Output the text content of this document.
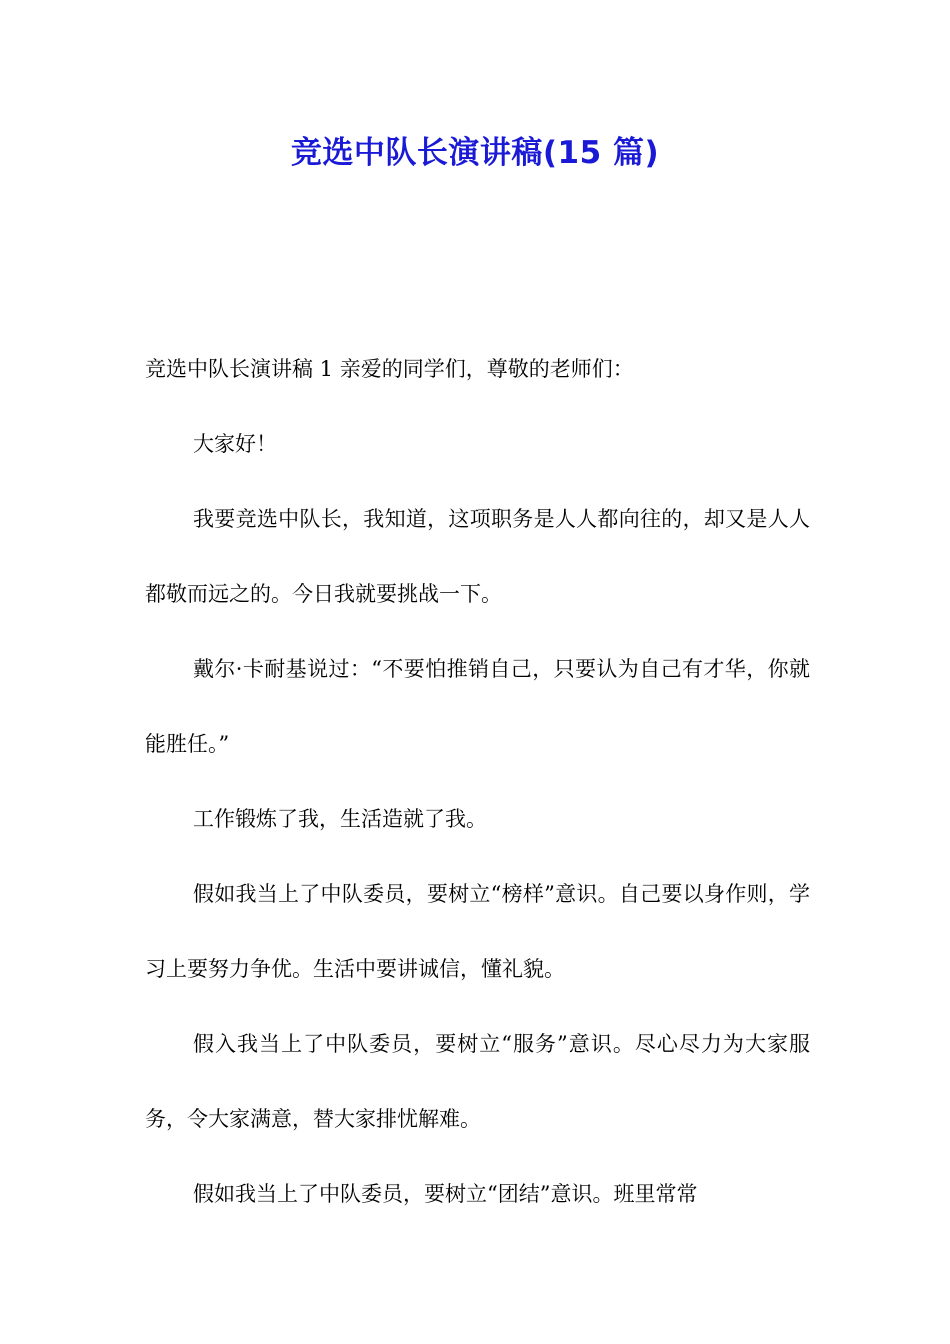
竞选中队长演讲稿(15 篇)

竞选中队长演讲稿 1 亲爱的同学们，尊敬的老师们：

大家好！

我要竞选中队长，我知道，这项职务是人人都向往的，却又是人人都敬而远之的。今日我就要挑战一下。

戴尔·卡耐基说过：“不要怕推销自己，只要认为自己有才华，你就能胜任。”

工作锻炼了我，生活造就了我。

假如我当上了中队委员，要树立“榜样”意识。自己要以身作则，学习上要努力争优。生活中要讲诚信，懂礼貌。

假入我当上了中队委员，要树立“服务”意识。尽心尽力为大家服务，令大家满意，替大家排忧解难。

假如我当上了中队委员，要树立“团结”意识。班里常常
